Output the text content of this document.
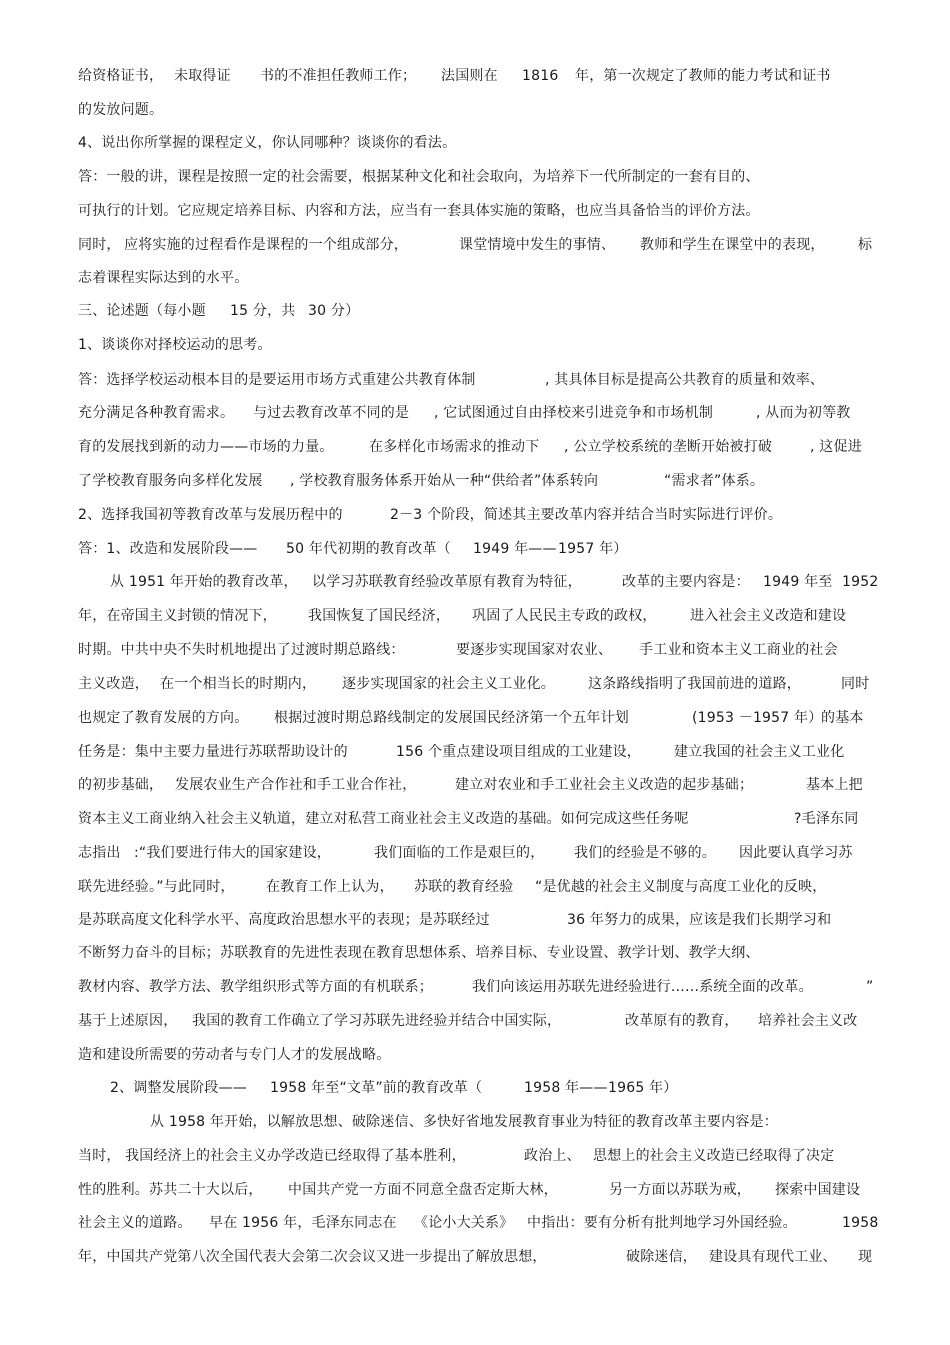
给资格证书， 未取得证 书的不准担任教师工作； 法国则在 1816 年，第一次规定了教师的能力考试和证书
的发放问题。
4、说出你所掌握的课程定义，你认同哪种？谈谈你的看法。
答：一般的讲，课程是按照一定的社会需要，根据某种文化和社会取向，为培养下一代所制定的一套有目的、
可执行的计划。它应规定培养目标、内容和方法，应当有一套具体实施的策略，也应当具备恰当的评价方法。
同时， 应将实施的过程看作是课程的一个组成部分，	课堂情境中发生的事情、 教师和学生在课堂中的表现， 标
志着课程实际达到的水平。
三、论述题（每小题 15 分，共 30 分）
1、谈谈你对择校运动的思考。
答：选择学校运动根本目的是要运用市场方式重建公共教育体制	, 其具体目标是提高公共教育的质量和效率、
充分满足各种教育需求。 与过去教育改革不同的是 , 它试图通过自由择校来引进竞争和市场机制	, 从而为初等教
育的发展找到新的动力——市场的力量。	在多样化市场需求的推动下 , 公立学校系统的垄断开始被打破	, 这促进
了学校教育服务向多样化发展 , 学校教育服务体系开始从一种“供给者”体系转向	“需求者”体系。
2、选择我国初等教育改革与发展历程中的	2－3 个阶段，简述其主要改革内容并结合当时实际进行评价。
答：1、改造和发展阶段—— 50 年代初期的教育改革（ 1949 年—— 1957 年）
从 1951 年开始的教育改革， 以学习苏联教育经验改革原有教育为特征，	改革的主要内容是： 1949 年至 1952
年，在帝国主义封锁的情况下， 我国恢复了国民经济， 巩固了人民民主专政的政权， 进入社会主义改造和建设
时期。中共中央不失时机地提出了过渡时期总路线：	要逐步实现国家对农业、 手工业和资本主义工商业的社会
主义改造， 在一个相当长的时期内， 逐步实现国家的社会主义工业化。 这条路线指明了我国前进的道路，	同时
也规定了教育发展的方向。 根据过渡时期总路线制定的发展国民经济第一个五年计划	(1953 －1957 年）
的基本
任务是：集中主要力量进行苏联帮助设计的	156 个重点建设项目组成的工业建设， 建立我国的社会主义工业化
的初步基础， 发展农业生产合作社和手工业合作社，	建立对农业和手工业社会主义改造的起步基础；	基本上把
资本主义工商业纳入社会主义轨道，建立对私营工商业社会主义改造的基础。如何完成这些任务呢	?毛泽东同
志指出 :“我们要进行伟大的国家建设，	我们面临的工作是艰巨的， 我们的经验是不够的。 因此要认真学习苏
联先进经验。”与此同时， 在教育工作上认为， 苏联的教育经验 “是优越的社会主义制度与高度工业化的反映，
是苏联高度文化科学水平、高度政治思想水平的表现；是苏联经过	36 年努力的成果，应该是我们长期学习和
不断努力奋斗的目标；苏联教育的先进性表现在教育思想体系、培养目标、专业设置、教学计划、教学大纲、
教材内容、教学方法、教学组织形式等方面的有机联系；	我们向该运用苏联先进经验进行……系统全面的改革。	”
基于上述原因， 我国的教育工作确立了学习苏联先进经验并结合中国实际，	改革原有的教育， 培养社会主义改
造和建设所需要的劳动者与专门人才的发展战略。
2、调整发展阶段—— 1958 年至“文革”前的教育改革（	1958 年—— 1965 年）
从 1958 年开始，以解放思想、破除迷信、多快好省地发展教育事业为特征的教育改革主要内容是：
当时， 我国经济上的社会主义办学改造已经取得了基本胜利，	政治上、 思想上的社会主义改造已经取得了决定
性的胜利。苏共二十大以后， 中国共产党一方面不同意全盘否定斯大林，	另一方面以苏联为戒， 探索中国建设
社会主义的道路。 早在 1956 年，毛泽东同志在 《论小大关系》 中指出：要有分析有批判地学习外国经验。	1958
年，中国共产党第八次全国代表大会第二次会议又进一步提出了解放思想，	破除迷信， 建设具有现代工业、 现
